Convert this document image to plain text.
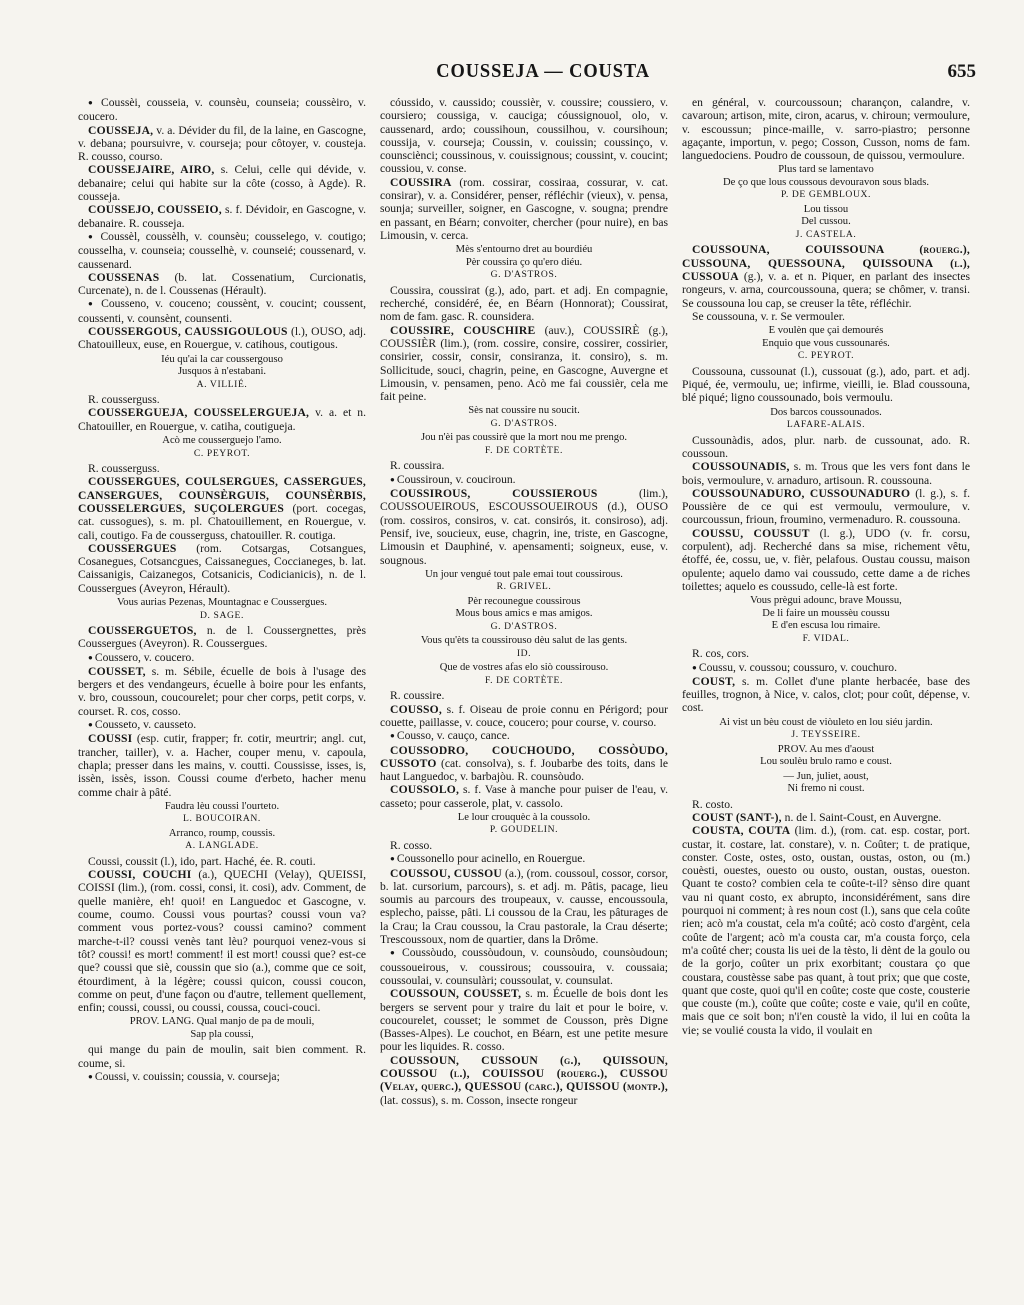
COUSSEJA — COUSTA	655
● Coussèi, cousseia, v. counsèu, counseia; coussèiro, v. coucero.
COUSSEJA, v. a. Dévider du fil, de la laine, en Gascogne, v. debana; poursuivre, v. courseja; pour côtoyer, v. cousteja. R. cousso, courso.
COUSSEJAIRE, AIRO, s. Celui, celle qui dévide, v. debanaire; celui qui habite sur la côte (cosso, à Agde). R. cousseja.
COUSSEJO, COUSSEIO, s. f. Dévidoir, en Gascogne, v. debanaire. R. cousseja.
● Coussèl, coussèlh, v. counsèu; cousselego, v. coutigo; cousselha, v. counseia; cousselhè, v. counseié; coussenard, v. caussenard.
COUSSENAS (b. lat. Cossenatium, Curcionatis, Curcenate), n. de l. Coussenas (Hérault).
● Cousseno, v. couceno; coussènt, v. coucint; coussent, coussenti, v. counsènt, counsenti.
COUSSERGOUS, CAUSSIGOULOUS (l.), OUSO, adj. Chatouilleux, euse, en Rouergue, v. catihous, coutigous.
Iéu qu'ai la car coussergouso
Jusquos à n'estabani.
A. VILLIÉ.
R. cousserguss.
COUSSERGUEJA, COUSSELERGUEJA, v. a. et n. Chatouiller, en Rouergue, v. catiha, coutigueja.
Acò me cousserguejo l'amo.
C. PEYROT.
R. cousserguss.
COUSSERGUES, COULSERGUES, CASSERGUES, CANSERGUES, COUNSÈRGUIS, COUNSÈRBIS, COUSSELERGUES, SUÇOLERGUES (port. cocegas, cat. cussogues), s. m. pl. Chatouillement, en Rouergue, v. cali, coutigo. Fa de cousserguss, chatouiller. R. coutiga.
COUSSERGUES (rom. Cotsargas, Cotsangues, Cosanegues, Cotsancgues, Caissanegues, Coccianeges, b. lat. Caissanigis, Caizanegos, Cotsanicis, Codicianicis), n. de l. Coussergues (Aveyron, Hérault).
Vous aurias Pezenas, Mountagnac e Coussergues.
D. SAGE.
COUSSERGUETOS, n. de l. Coussergnettes, près Coussergues (Aveyron). R. Coussergues.
● Coussero, v. coucero.
COUSSET, s. m. Sébile, écuelle de bois à l'usage des bergers et des vendangeurs, écuelle à boire pour les enfants, v. bro, coussoun, coucourelet; pour cher corps, petit corps, v. courset. R. cos, cosso.
● Cousseto, v. causseto.
COUSSI (esp. cutir, frapper; fr. cotir, meurtrir; angl. cut, trancher, tailler), v. a. Hacher, couper menu, v. capoula, chapla; presser dans les mains, v. coutti. Coussisse, isses, is, issèn, issès, isson. Coussi coume d'erbeto, hacher menu comme chair à pâté.
Faudra lèu coussi l'ourteto.
L. BOUCOIRAN.
Arranco, roump, coussis.
A. LANGLADE.
Coussi, coussit (l.), ido, part. Haché, ée. R. couti.
COUSSI, COUCHI (a.), QUECHI (Velay), QUEISSI, COISSI (lim.), (rom. cossi, consi, it. cosi), adv. Comment, de quelle manière, eh! quoi! en Languedoc et Gascogne, v. coume, coumo. Coussi vous pourtas? coussi voun va? comment vous portez-vous? coussi camino? comment marche-t-il? coussi venès tant lèu? pourquoi venez-vous si tôt? coussi! es mort! comment! il est mort! coussi que? est-ce que? coussi que siè, coussin que sio (a.), comme que ce soit, étourdiment, à la légère; coussi quicon, coussi coucon, comme on peut, d'une façon ou d'autre, tellement quellement, enfin; coussi, coussi, ou coussi, coussa, couci-couci.
PROV. LANG. Qual manjo de pa de mouli,
Sap pla coussi,
qui mange du pain de moulin, sait bien comment. R. coume, si.
● Coussi, v. couissin; coussia, v. courseja;
cóussido, v. caussido; coussièr, v. coussire; coussiero, v. coursiero; coussiga, v. cauciga; cóussignouol, olo, v. caussenard, ardo; coussihoun, coussilhou, v. coursihoun; coussija, v. courseja; Coussin, v. couissin; coussinço, v. counsciènci; coussinous, v. couissignous; coussint, v. coucint; coussiou, v. conse.
COUSSIRA (rom. cossirar, cossiraa, cossurar, v. cat. consirar), v. a. Considérer, penser, réfléchir (vieux), v. pensa, sounja; surveiller, soigner, en Gascogne, v. sougna; prendre en passant, en Béarn; convoiter, chercher (pour nuire), en bas Limousin, v. cerca.
Mès s'entourno dret au bourdiéu
Pèr coussira ço qu'ero diéu.
G. D'ASTROS.
Coussira, coussirat (g.), ado, part. et adj. En compagnie, recherché, considéré, ée, en Béarn (Honnorat); Coussirat, nom de fam. gasc. R. counsidera.
COUSSIRE, COUSCHIRE (auv.), COUSSIRÈ (g.), COUSSIÈR (lim.), (rom. cossire, consire, cossirer, cossirier, consirier, cossir, consir, consiranza, it. consiro), s. m. Sollicitude, souci, chagrin, peine, en Gascogne, Auvergne et Limousin, v. pensamen, peno. Acò me fai coussièr, cela me fait peine.
Sès nat coussire nu soucit.
G. D'ASTROS.
Jou n'èi pas coussirè que la mort nou me prengo.
F. DE CORTÈTE.
R. coussira.
● Coussiroun, v. couciroun.
COUSSIROUS, COUSSIEROUS (lim.), COUSSOUEIROUS, ESCOUSSOUEIROUS (d.), OUSO (rom. cossiros, consiros, v. cat. consirós, it. consiroso), adj. Pensif, ive, soucieux, euse, chagrin, ine, triste, en Gascogne, Limousin et Dauphiné, v. apensamenti; soigneux, euse, v. sougnous.
Un jour vengué tout pale emai tout coussirous.
R. GRIVEL.
Pèr recounegue coussirous
Mous bous amics e mas amigos.
G. D'ASTROS.
Vous qu'èts ta coussirouso dèu salut de las gents.
ID.
Que de vostres afas elo siò coussirouso.
F. DE CORTÈTE.
R. coussire.
COUSSO, s. f. Oiseau de proie connu en Périgord; pour couette, paillasse, v. couce, coucero; pour course, v. courso.
● Cousso, v. cauço, cance.
COUSSODRO, COUCHOUDO, COSSÒUDO, CUSSOTO (cat. consolva), s. f. Joubarbe des toits, dans le haut Languedoc, v. barbajòu. R. counsòudo.
COUSSOLO, s. f. Vase à manche pour puiser de l'eau, v. casseto; pour casserole, plat, v. cassolo.
Le lour crouquèc à la coussolo.
P. GOUDELIN.
R. cosso.
● Coussonello pour acinello, en Rouergue.
COUSSOU, CUSSOU (a.), (rom. coussoul, cossor, corsor, b. lat. cursorium, parcours), s. et adj. m. Pâtis, pacage, lieu soumis au parcours des troupeaux, v. causse, encoussoula, esplecho, paisse, pâti. Li coussou de la Crau, les pâturages de la Crau; la Crau coussou, la Crau pastorale, la Crau déserte; Trescoussoux, nom de quartier, dans la Drôme.
● Coussòudo, coussòudoun, v. counsòudo, counsòudoun; coussoueirous, v. coussirous; coussouira, v. coussaia; coussoulai, v. counsulàri; coussoulat, v. counsulat.
COUSSOUN, COUSSET, s. m. Écuelle de bois dont les bergers se servent pour y traire du lait et pour le boire, v. coucourelet, cousset; le sommet de Cousson, près Digne (Basses-Alpes). Le couchot, en Béarn, est une petite mesure pour les liquides. R. cosso.
COUSSOUN, CUSSOUN (g.), QUISSOUN, COUSSOU (l.), COUISSOU (rouerg.), CUSSOU (Velay, querc.), QUESSOU (carc.), QUISSOU (montp.), (lat. cossus), s. m. Cosson, insecte rongeur
en général, v. courcoussoun; charançon, calandre, v. cavaroun; artison, mite, ciron, acarus, v. chiroun; vermoulure, v. escoussun; pince-maille, v. sarro-piastro; personne agaçante, importun, v. pego; Cosson, Cusson, noms de fam. languedociens. Poudro de coussoun, de quissou, vermoulure.
Plus tard se lamentavo
De ço que lous coussous devouravon sous blads.
P. DE GEMBLOUX.
Lou tissou
Del cussou.
J. CASTELA.
COUSSOUNA, COUISSOUNA (rouerg.), CUSSOUNA, QUESSOUNA, QUISSOUNA (l.), CUSSOUA (g.), v. a. et n. Piquer, en parlant des insectes rongeurs, v. arna, courcoussouna, quera; se chômer, v. transi. Se coussouna lou cap, se creuser la tête, réfléchir.
Se coussouna, v. r. Se vermouler.
E voulèn que çai demourés
Enquio que vous cussounarés.
C. PEYROT.
Coussouna, cussounat (l.), cussouat (g.), ado, part. et adj. Piqué, ée, vermoulu, ue; infirme, vieilli, ie. Blad coussouna, blé piqué; ligno coussounado, bois vermoulu.
Dos barcos coussounados.
LAFARE-ALAIS.
Cussounàdis, ados, plur. narb. de cussounat, ado. R. coussoun.
COUSSOUNADIS, s. m. Trous que les vers font dans le bois, vermoulure, v. arnaduro, artisoun. R. coussouna.
COUSSOUNADURO, CUSSOUNADURO (l. g.), s. f. Poussière de ce qui est vermoulu, vermoulure, v. courcoussun, frioun, froumino, vermenaduro. R. coussouna.
COUSSU, COUSSUT (l. g.), UDO (v. fr. corsu, corpulent), adj. Recherché dans sa mise, richement vêtu, étoffé, ée, cossu, ue, v. fièr, pelafous. Oustau coussu, maison opulente; aquelo damo vai coussudo, cette dame a de riches toilettes; aquelo es coussudo, celle-là est forte.
Vous prègui adounc, brave Moussu,
De li faire un moussèu coussu
E d'en escusa lou rimaire.
F. VIDAL.
R. cos, cors.
● Coussu, v. coussou; coussuro, v. couchuro.
COUST, s. m. Collet d'une plante herbacée, base des feuilles, trognon, à Nice, v. calos, clot; pour coût, dépense, v. cost.
Ai vist un bèu coust de viòuleto en lou siéu jardin.
J. TEYSSEIRE.
PROV. Au mes d'aoust
Lou soulèu brulo ramo e coust.
— Jun, juliet, aoust,
Ni fremo ni coust.
R. costo.
COUST (SANT-), n. de l. Saint-Coust, en Auvergne.
COUSTA, COUTA (lim. d.), (rom. cat. esp. costar, port. custar, it. costare, lat. constare), v. n. Coûter; t. de pratique, conster. Coste, ostes, osto, oustan, oustas, oston, ou (m.) couèsti, ouestes, ouesto ou ousto, oustan, oustas, oueston. Quant te costo? combien cela te coûte-t-il? sènso dire quant vau ni quant costo, ex abrupto, inconsidérément, sans dire pourquoi ni comment; à res noun cost (l.), sans que cela coûte rien; acò m'a coustat, cela m'a coûté; acò costo d'argènt, cela coûte de l'argent; acò m'a cousta car, m'a cousta forço, cela m'a coûté cher; cousta lis uei de la tèsto, li dènt de la goulo ou de la gorjo, coûter un prix exorbitant; coustara ço que coustara, coustèsse sabe pas quant, à tout prix; que que coste, quant que coste, quoi qu'il en coûte; coste que coste, cousterie que couste (m.), coûte que coûte; coste e vaie, qu'il en coûte, mais que ce soit bon; n'i'en coustè la vido, il lui en coûta la vie; se voulié cousta la vido, il voulait en
